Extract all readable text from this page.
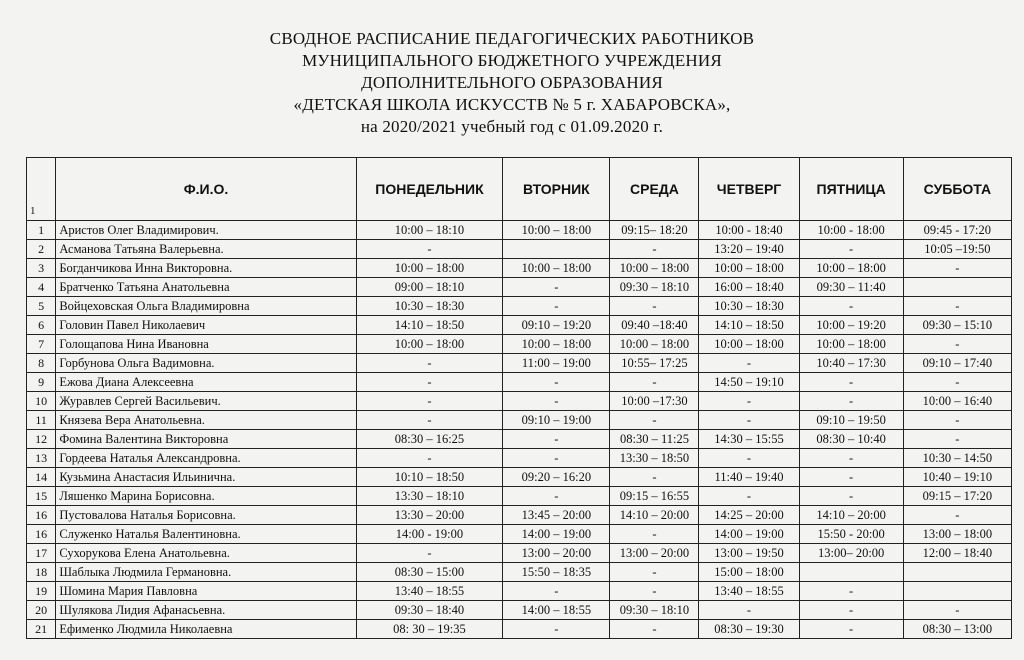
СВОДНОЕ РАСПИСАНИЕ ПЕДАГОГИЧЕСКИХ РАБОТНИКОВ
МУНИЦИПАЛЬНОГО БЮДЖЕТНОГО УЧРЕЖДЕНИЯ
ДОПОЛНИТЕЛЬНОГО ОБРАЗОВАНИЯ
«ДЕТСКАЯ ШКОЛА ИСКУССТВ № 5 г. ХАБАРОВСКА»,
на 2020/2021 учебный год с 01.09.2020 г.
1	Ф.И.О.	ПОНЕДЕЛЬНИК	ВТОРНИК	СРЕДА	ЧЕТВЕРГ	ПЯТНИЦА	СУББОТА
1	Аристов Олег Владимирович.	10:00 – 18:10	10:00 – 18:00	09:15– 18:20	10:00 - 18:40	10:00 - 18:00	09:45 - 17:20
2	Асманова Татьяна Валерьевна.	-		-	13:20 – 19:40	-	10:05 –19:50
3	Богданчикова Инна Викторовна.	10:00 – 18:00	10:00 – 18:00	10:00 – 18:00	10:00 – 18:00	10:00 – 18:00	-
4	Братченко Татьяна Анатольевна	09:00 – 18:10	-	09:30 – 18:10	16:00 – 18:40	09:30 – 11:40	
5	Войцеховская Ольга Владимировна	10:30 – 18:30	-	-	10:30 – 18:30	-	-
6	Головин Павел Николаевич	14:10 – 18:50	09:10 – 19:20	09:40 –18:40	14:10 – 18:50	10:00 – 19:20	09:30 – 15:10
7	Голощапова Нина Ивановна	10:00 – 18:00	10:00 – 18:00	10:00 – 18:00	10:00 – 18:00	10:00 – 18:00	-
8	Горбунова Ольга Вадимовна.	-	11:00 – 19:00	10:55– 17:25	-	10:40 – 17:30	09:10 – 17:40
9	Ежова Диана Алексеевна	-	-	-	14:50 – 19:10	-	-
10	Журавлев Сергей Васильевич.	-	-	10:00 –17:30	-	-	10:00 – 16:40
11	Князева Вера Анатольевна.	-	09:10 – 19:00	-	-	09:10 – 19:50	-
12	Фомина Валентина Викторовна	08:30 – 16:25	-	08:30 – 11:25	14:30 – 15:55	08:30 – 10:40	-
13	Гордеева Наталья Александровна.	-	-	13:30 – 18:50	-	-	10:30 – 14:50
14	Кузьмина Анастасия Ильинична.	10:10 – 18:50	09:20 – 16:20	-	11:40 – 19:40	-	10:40 – 19:10
15	Ляшенко Марина Борисовна.	13:30 – 18:10	-	09:15 – 16:55	-	-	09:15 – 17:20
16	Пустовалова Наталья Борисовна.	13:30 – 20:00	13:45 – 20:00	14:10 – 20:00	14:25 – 20:00	14:10 – 20:00	-
16	Служенко Наталья Валентиновна.	14:00 - 19:00	14:00 – 19:00	-	14:00 – 19:00	15:50 - 20:00	13:00 – 18:00
17	Сухорукова Елена Анатольевна.	-	13:00 – 20:00	13:00 – 20:00	13:00 – 19:50	13:00– 20:00	12:00 – 18:40
18	Шаблыка Людмила Германовна.	08:30 – 15:00	15:50 – 18:35	-	15:00 – 18:00		
19	Шомина Мария Павловна	13:40 – 18:55	-	-	13:40 – 18:55	-	
20	Шулякова Лидия Афанасьевна.	09:30 – 18:40	14:00 – 18:55	09:30 – 18:10	-	-	-
21	Ефименко Людмила Николаевна	08: 30 – 19:35	-	-	08:30 – 19:30	-	08:30 – 13:00
